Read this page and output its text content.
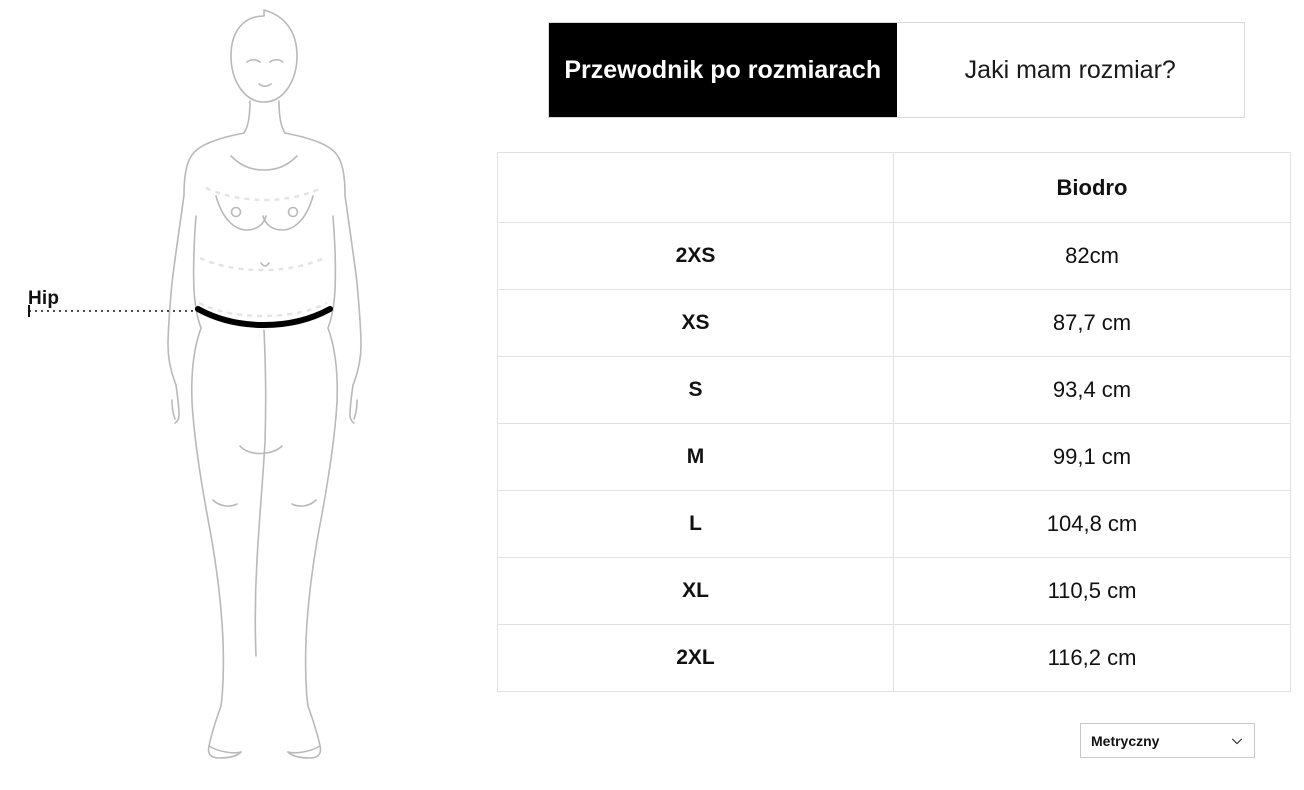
Hip
Przewodnik po rozmiarach	Jaki mam rozmiar?
	Biodro
2XS	82cm
XS	87,7 cm
S	93,4 cm
M	99,1 cm
L	104,8 cm
XL	110,5 cm
2XL	116,2 cm
Metryczny
